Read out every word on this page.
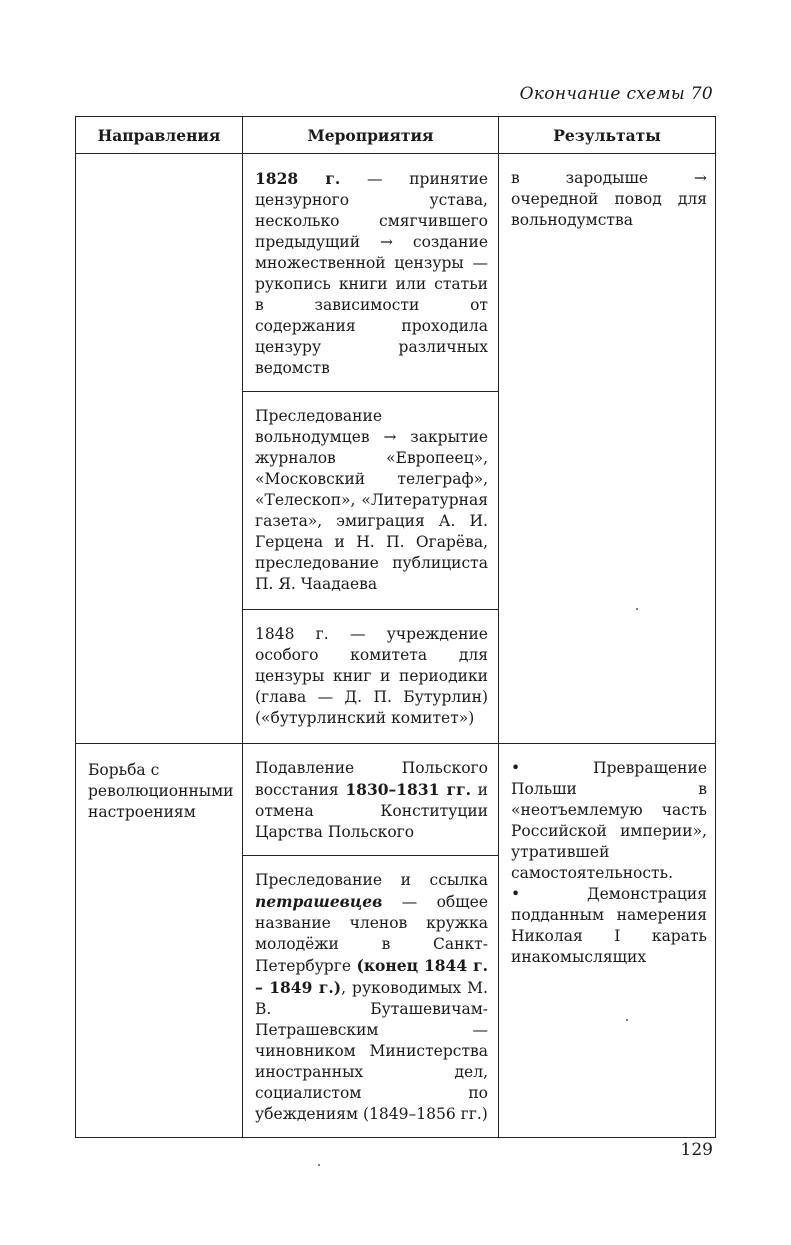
Окончание схемы 70
Направления	Мероприятия	Результаты

	1828 г. — принятие цензурного устава, несколько смягчившего предыдущий → создание множественной цензуры — рукопись книги или статьи в зависимости от содержания проходила цензуру различных ведомств	в зародыше → очередной повод для вольнодумства

	Преследование вольнодумцев → закрытие журналов «Европеец», «Московский телеграф», «Телескоп», «Литературная газета», эмиграция А. И. Герцена и Н. П. Огарёва, преследование публициста П. Я. Чаадаева	

	1848 г. — учреждение особого комитета для цензуры книг и периодики (глава — Д. П. Бутурлин) («бутурлинский комитет»)	

Борьба с революционными настроениям	Подавление Польского восстания 1830–1831 гг. и отмена Конституции Царства Польского	• Превращение Польши в «неотъемлемую часть Российской империи», утратившей самостоятельность.

• Демонстрация подданным намерения Николая I карать инакомыслящих

	Преследование и ссылка петрашевцев — общее название членов кружка молодёжи в Санкт-Петербурге (конец 1844 г. – 1849 г.), руководимых М. В. Буташевичам-Петрашевским — чиновником Министерства иностранных дел, социалистом по убеждениям (1849–1856 гг.)	

129
